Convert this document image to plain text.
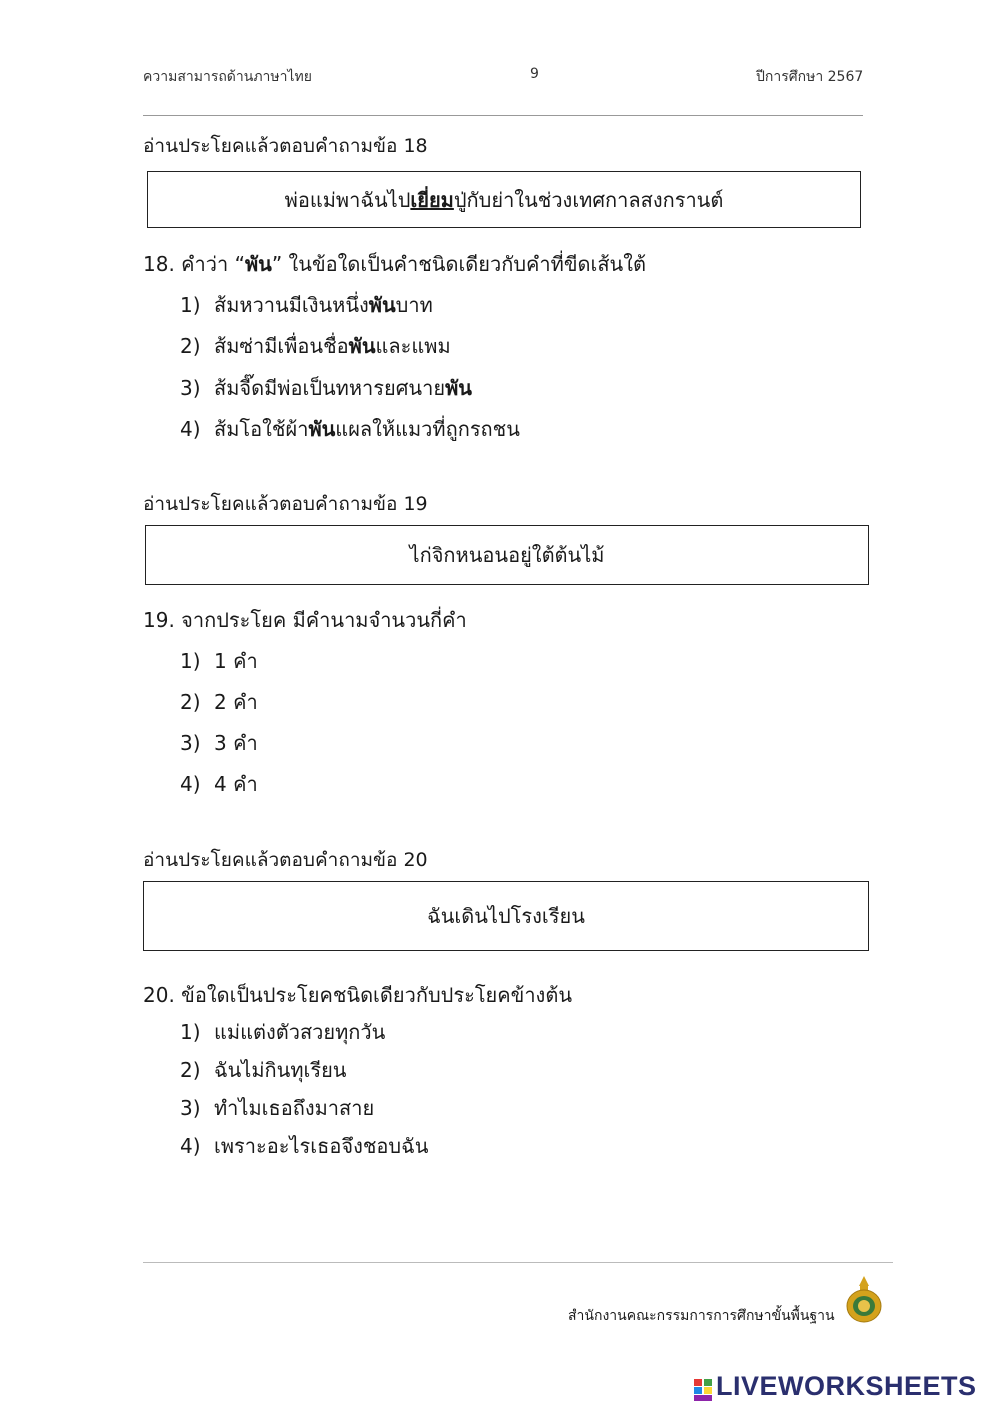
ความสามารถด้านภาษาไทย	9	ปีการศึกษา 2567
อ่านประโยคแล้วตอบคำถามข้อ 18
พ่อแม่พาฉันไปเยี่ยมปู่กับย่าในช่วงเทศกาลสงกรานต์
18. คำว่า “พัน” ในข้อใดเป็นคำชนิดเดียวกับคำที่ขีดเส้นใต้
1) ส้มหวานมีเงินหนึ่งพันบาท
2) ส้มซ่ามีเพื่อนชื่อพันและแพม
3) ส้มจี๊ดมีพ่อเป็นทหารยศนายพัน
4) ส้มโอใช้ผ้าพันแผลให้แมวที่ถูกรถชน
อ่านประโยคแล้วตอบคำถามข้อ 19
ไก่จิกหนอนอยู่ใต้ต้นไม้
19. จากประโยค มีคำนามจำนวนกี่คำ
1) 1 คำ
2) 2 คำ
3) 3 คำ
4) 4 คำ
อ่านประโยคแล้วตอบคำถามข้อ 20
ฉันเดินไปโรงเรียน
20. ข้อใดเป็นประโยคชนิดเดียวกับประโยคข้างต้น
1) แม่แต่งตัวสวยทุกวัน
2) ฉันไม่กินทุเรียน
3) ทำไมเธอถึงมาสาย
4) เพราะอะไรเธอจึงชอบฉัน
สำนักงานคณะกรรมการการศึกษาขั้นพื้นฐาน
LIVEWORKSHEETS
